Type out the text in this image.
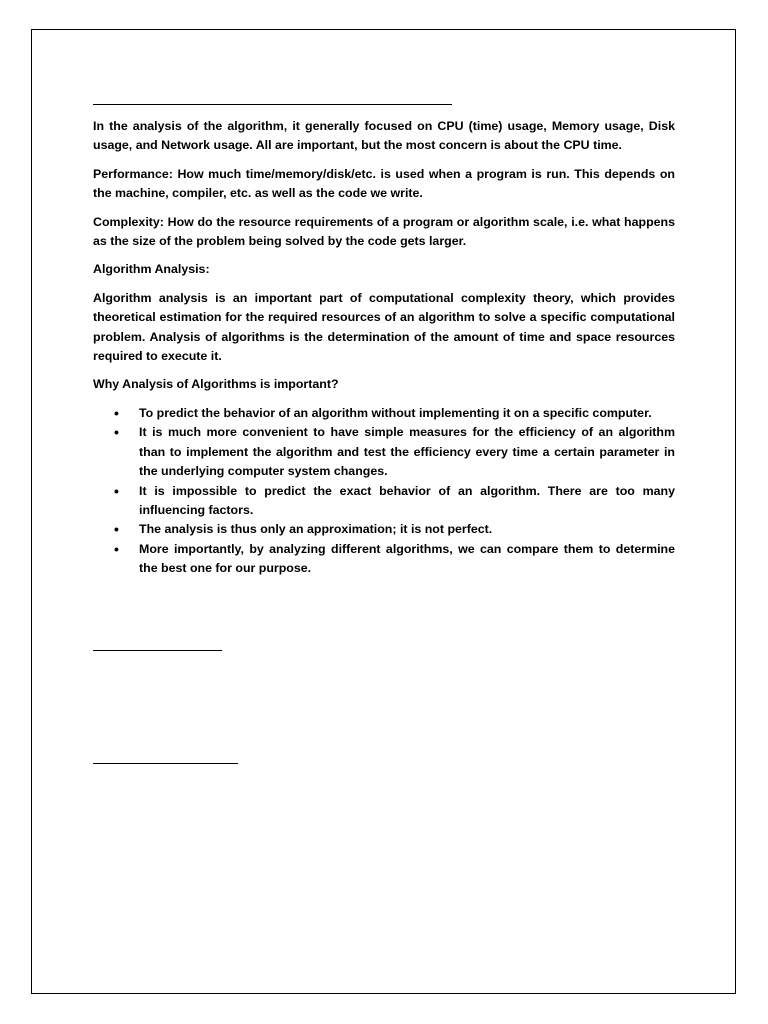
In the analysis of the algorithm, it generally focused on CPU (time) usage, Memory usage, Disk usage, and Network usage. All are important, but the most concern is about the CPU time.

Performance: How much time/memory/disk/etc. is used when a program is run. This depends on the machine, compiler, etc. as well as the code we write.

Complexity: How do the resource requirements of a program or algorithm scale, i.e. what happens as the size of the problem being solved by the code gets larger.

Algorithm Analysis:

Algorithm analysis is an important part of computational complexity theory, which provides theoretical estimation for the required resources of an algorithm to solve a specific computational problem. Analysis of algorithms is the determination of the amount of time and space resources required to execute it.

Why Analysis of Algorithms is important?

• To predict the behavior of an algorithm without implementing it on a specific computer.
• It is much more convenient to have simple measures for the efficiency of an algorithm than to implement the algorithm and test the efficiency every time a certain parameter in the underlying computer system changes.
• It is impossible to predict the exact behavior of an algorithm. There are too many influencing factors.
• The analysis is thus only an approximation; it is not perfect.
• More importantly, by analyzing different algorithms, we can compare them to determine the best one for our purpose.
